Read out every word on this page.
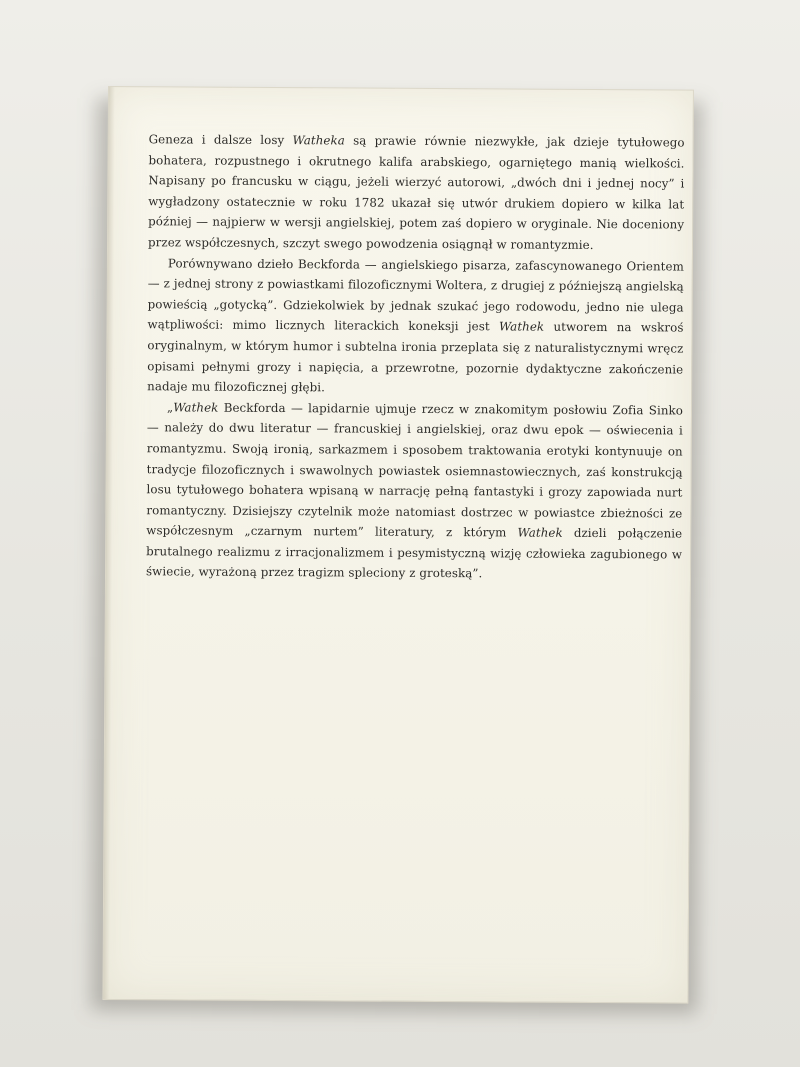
Geneza i dalsze losy Watheka są prawie równie niezwykłe, jak dzieje tytułowego bohatera, rozpustnego i okrutnego kalifa arabskiego, ogarniętego manią wielkości. Napisany po francusku w ciągu, jeżeli wierzyć autorowi, „dwóch dni i jednej nocy” i wygładzony ostatecznie w roku 1782 ukazał się utwór drukiem dopiero w kilka lat później — najpierw w wersji angielskiej, potem zaś dopiero w oryginale. Nie doceniony przez współczesnych, szczyt swego powodzenia osiągnął w romantyzmie.

Porównywano dzieło Beckforda — angielskiego pisarza, zafascynowanego Orientem — z jednej strony z powiastkami filozoficznymi Woltera, z drugiej z późniejszą angielską powieścią „gotycką”. Gdziekolwiek by jednak szukać jego rodowodu, jedno nie ulega wątpliwości: mimo licznych literackich koneksji jest Wathek utworem na wskroś oryginalnym, w którym humor i subtelna ironia przeplata się z naturalistycznymi wręcz opisami pełnymi grozy i napięcia, a przewrotne, pozornie dydaktyczne zakończenie nadaje mu filozoficznej głębi.

„Wathek Beckforda — lapidarnie ujmuje rzecz w znakomitym posłowiu Zofia Sinko — należy do dwu literatur — francuskiej i angielskiej, oraz dwu epok — oświecenia i romantyzmu. Swoją ironią, sarkazmem i sposobem traktowania erotyki kontynuuje on tradycje filozoficznych i swawolnych powiastek osiemnastowiecznych, zaś konstrukcją losu tytułowego bohatera wpisaną w narrację pełną fantastyki i grozy zapowiada nurt romantyczny. Dzisiejszy czytelnik może natomiast dostrzec w powiastce zbieżności ze współczesnym „czarnym nurtem” literatury, z którym Wathek dzieli połączenie brutalnego realizmu z irracjonalizmem i pesymistyczną wizję człowieka zagubionego w świecie, wyrażoną przez tragizm spleciony z groteską”.
